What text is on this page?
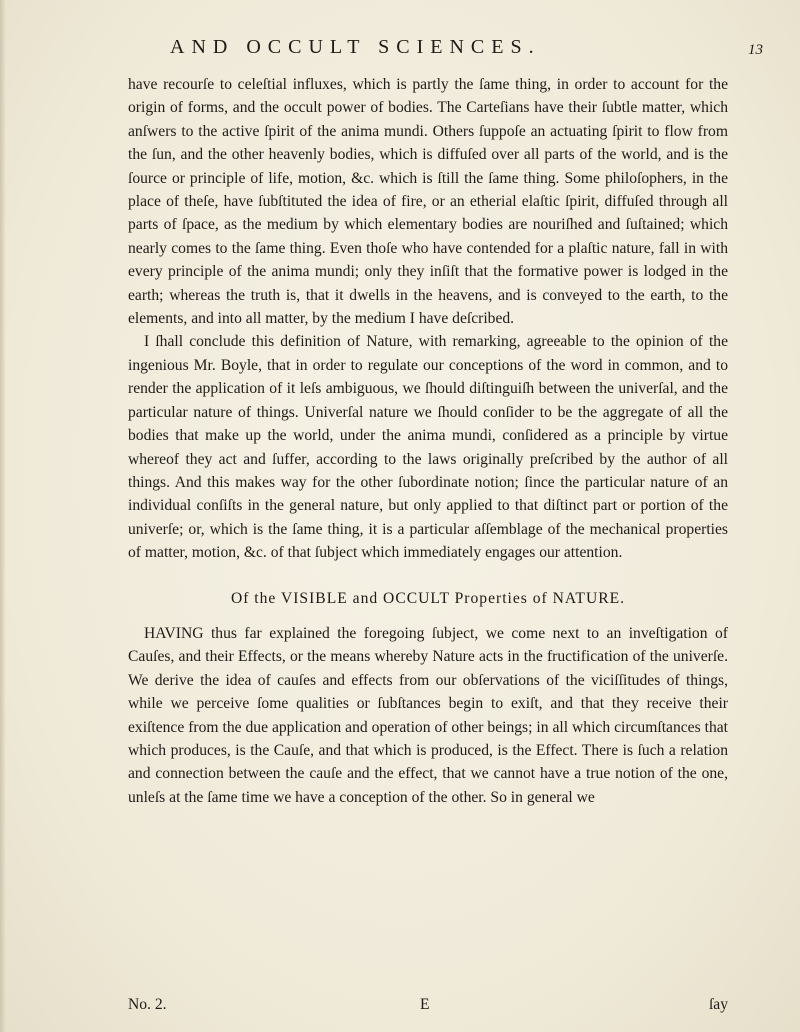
AND OCCULT SCIENCES.	13

have recourſe to celeſtial influxes, which is partly the ſame thing, in order to account for the origin of forms, and the occult power of bodies. The Carteſians have their ſubtle matter, which anſwers to the active ſpirit of the anima mundi. Others ſuppoſe an actuating ſpirit to flow from the ſun, and the other heavenly bodies, which is diffuſed over all parts of the world, and is the ſource or principle of life, motion, &c. which is ſtill the ſame thing. Some philoſophers, in the place of theſe, have ſubſtituted the idea of fire, or an etherial elaſtic ſpirit, diffuſed through all parts of ſpace, as the medium by which elementary bodies are nouriſhed and ſuſtained; which nearly comes to the ſame thing. Even thoſe who have contended for a plaſtic nature, fall in with every principle of the anima mundi; only they inſiſt that the formative power is lodged in the earth; whereas the truth is, that it dwells in the heavens, and is conveyed to the earth, to the elements, and into all matter, by the medium I have deſcribed.

I ſhall conclude this definition of Nature, with remarking, agreeable to the opinion of the ingenious Mr. Boyle, that in order to regulate our conceptions of the word in common, and to render the application of it leſs ambiguous, we ſhould diſtinguiſh between the univerſal, and the particular nature of things. Univerſal nature we ſhould conſider to be the aggregate of all the bodies that make up the world, under the anima mundi, conſidered as a principle by virtue whereof they act and ſuffer, according to the laws originally preſcribed by the author of all things. And this makes way for the other ſubordinate notion; ſince the particular nature of an individual conſiſts in the general nature, but only applied to that diſtinct part or portion of the univerſe; or, which is the ſame thing, it is a particular aſſemblage of the mechanical properties of matter, motion, &c. of that ſubject which immediately engages our attention.

Of the VISIBLE and OCCULT Properties of NATURE.

HAVING thus far explained the foregoing ſubject, we come next to an inveſtigation of Cauſes, and their Effects, or the means whereby Nature acts in the fructification of the univerſe. We derive the idea of cauſes and effects from our obſervations of the viciſſitudes of things, while we perceive ſome qualities or ſubſtances begin to exiſt, and that they receive their exiſtence from the due application and operation of other beings; in all which circumſtances that which produces, is the Cauſe, and that which is produced, is the Effect. There is ſuch a relation and connection between the cauſe and the effect, that we cannot have a true notion of the one, unleſs at the ſame time we have a conception of the other. So in general we

No. 2.	E	ſay
